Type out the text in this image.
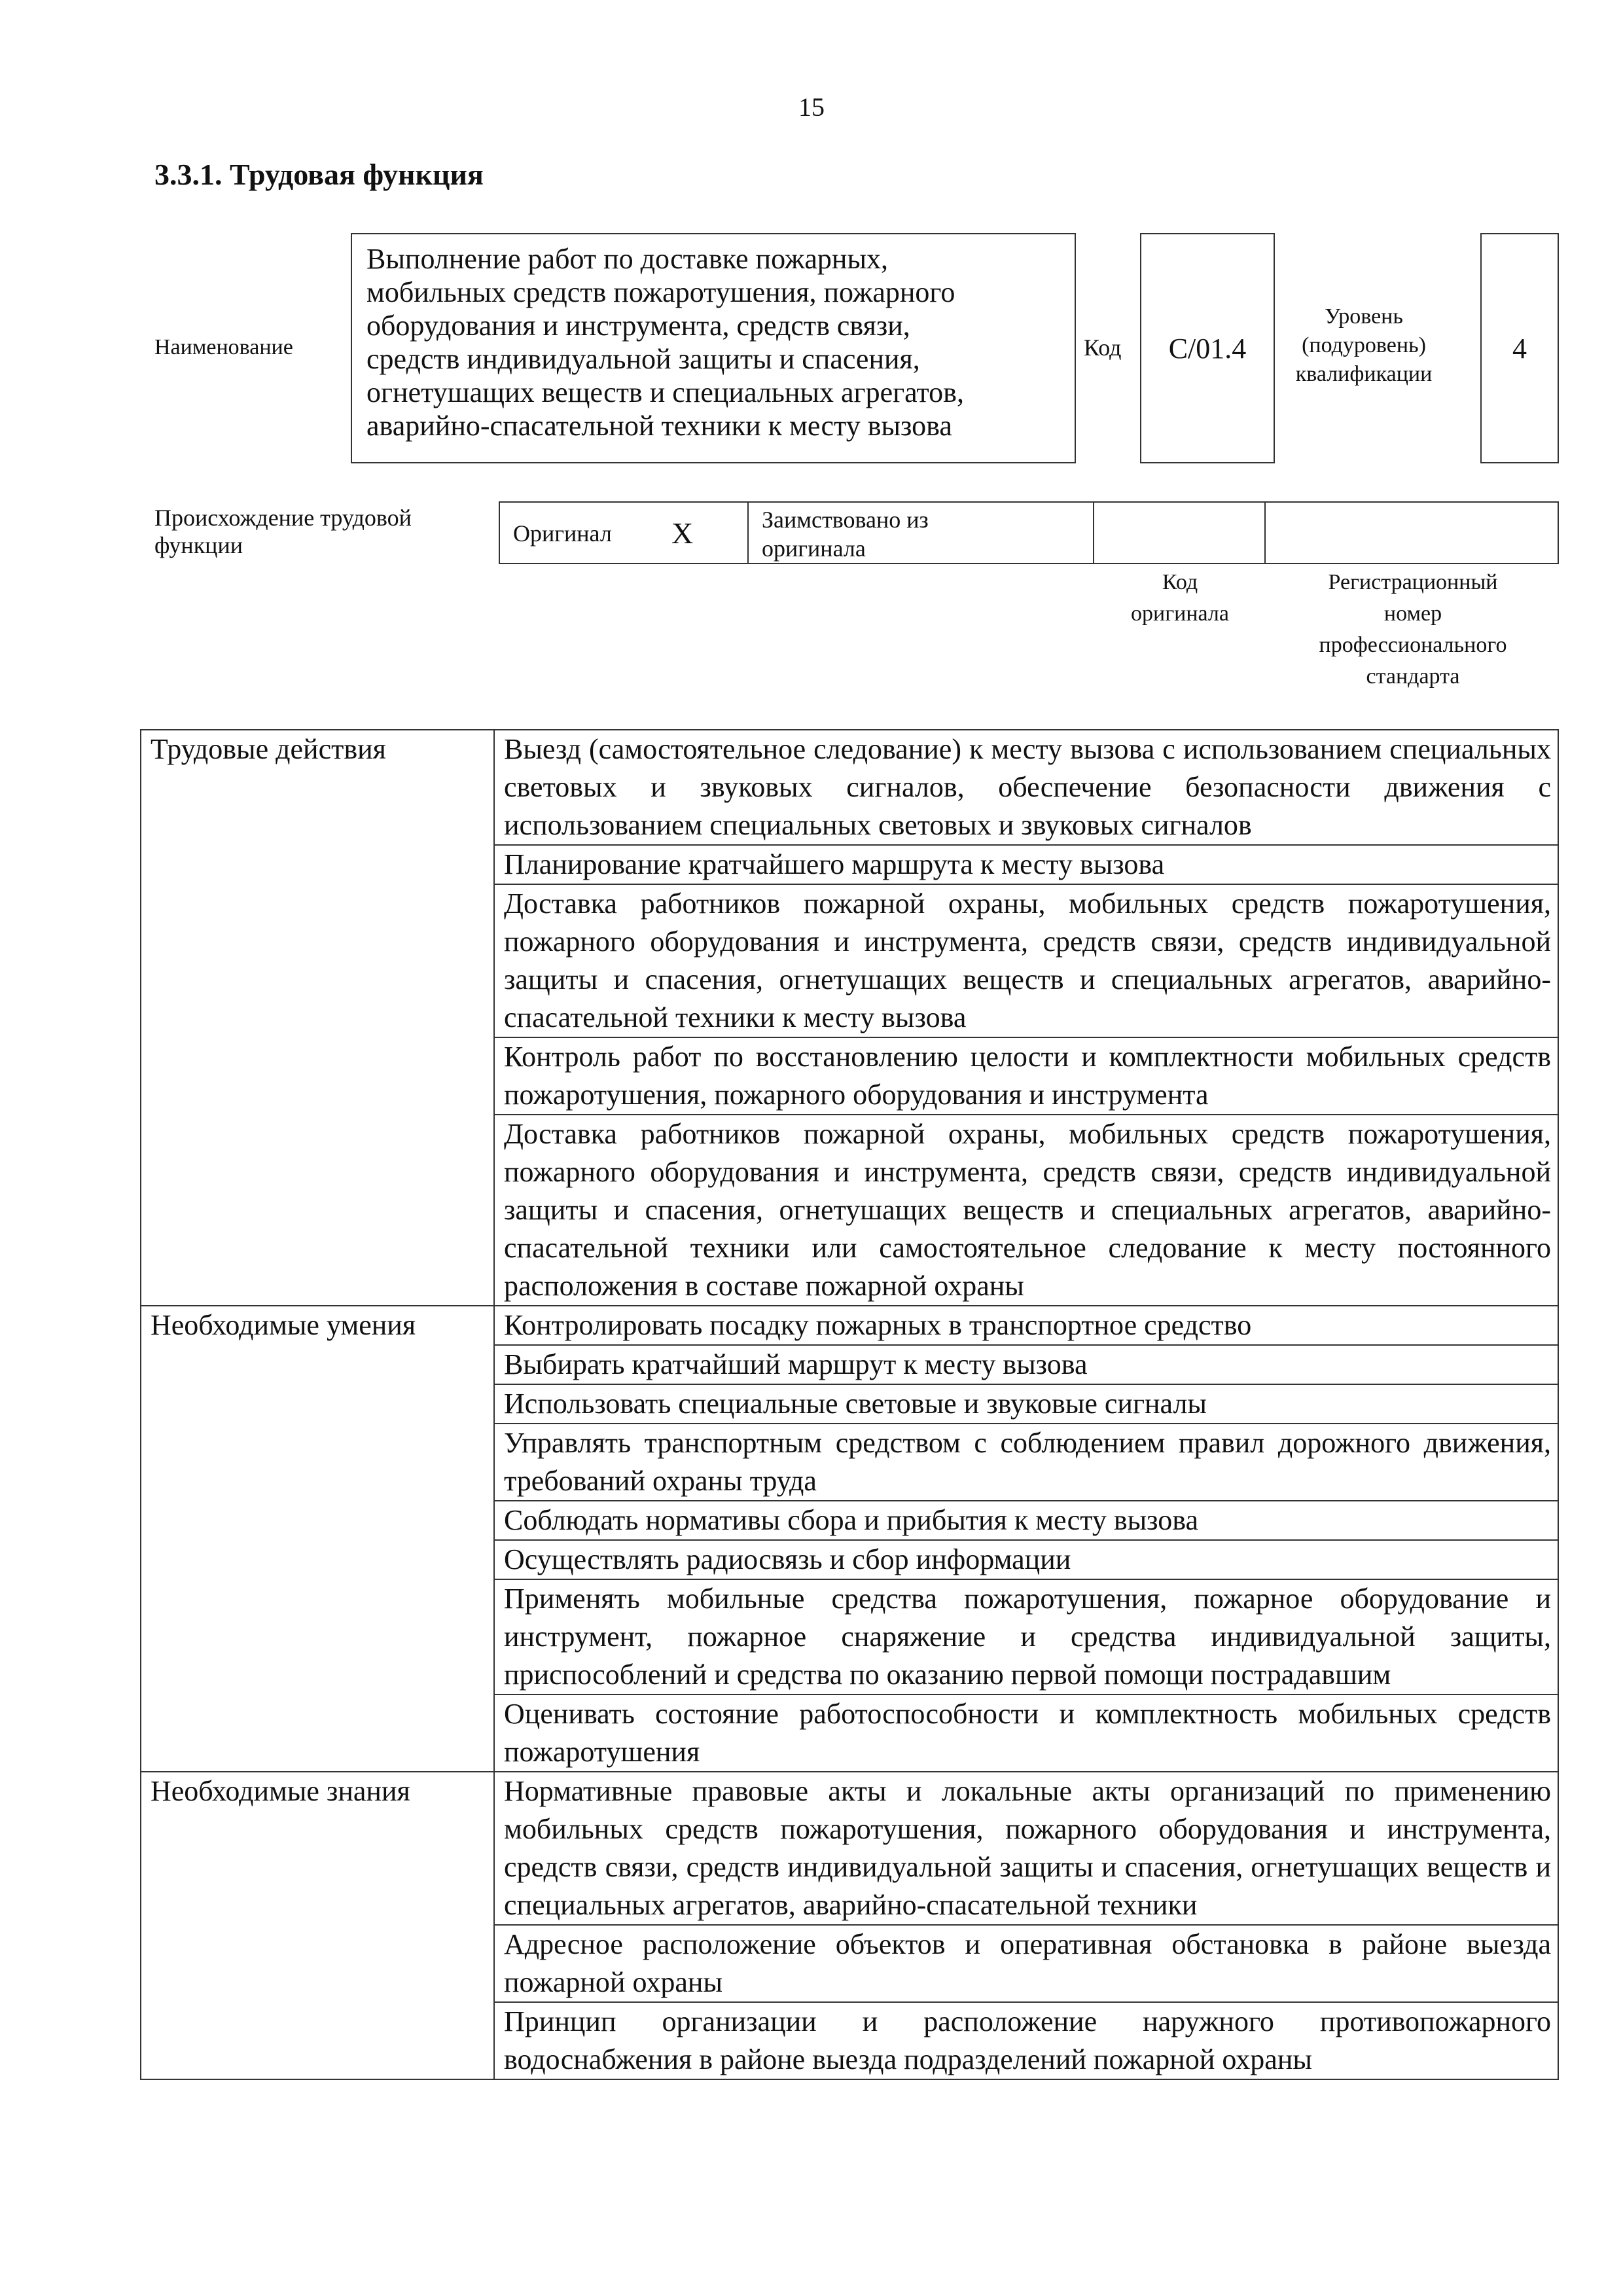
15
3.3.1. Трудовая функция
Наименование
Выполнение работ по доставке пожарных,
мобильных средств пожаротушения, пожарного
оборудования и инструмента, средств связи,
средств индивидуальной защиты и спасения,
огнетушащих веществ и специальных агрегатов,
аварийно-спасательной техники к месту вызова
Код C/01.4
Уровень
(подуровень)
квалификации
4
Происхождение трудовой
функции	Оригинал X	Заимствовано из
оригинала
Код
оригинала
Регистрационный
номер
профессионального
стандарта
Трудовые действия	Выезд (самостоятельное следование) к месту вызова с использованием специальных световых и звуковых сигналов, обеспечение безопасности движения с использованием специальных световых и звуковых сигналов
	Планирование кратчайшего маршрута к месту вызова
	Доставка работников пожарной охраны, мобильных средств пожаротушения, пожарного оборудования и инструмента, средств связи, средств индивидуальной защиты и спасения, огнетушащих веществ и специальных агрегатов, аварийно-спасательной техники к месту вызова
	Контроль работ по восстановлению целости и комплектности мобильных средств пожаротушения, пожарного оборудования и инструмента
	Доставка работников пожарной охраны, мобильных средств пожаротушения, пожарного оборудования и инструмента, средств связи, средств индивидуальной защиты и спасения, огнетушащих веществ и специальных агрегатов, аварийно-спасательной техники или самостоятельное следование к месту постоянного расположения в составе пожарной охраны
Необходимые умения	Контролировать посадку пожарных в транспортное средство
	Выбирать кратчайший маршрут к месту вызова
	Использовать специальные световые и звуковые сигналы
	Управлять транспортным средством с соблюдением правил дорожного движения, требований охраны труда
	Соблюдать нормативы сбора и прибытия к месту вызова
	Осуществлять радиосвязь и сбор информации
	Применять мобильные средства пожаротушения, пожарное оборудование и инструмент, пожарное снаряжение и средства индивидуальной защиты, приспособлений и средства по оказанию первой помощи пострадавшим
	Оценивать состояние работоспособности и комплектность мобильных средств пожаротушения
Необходимые знания	Нормативные правовые акты и локальные акты организаций по применению мобильных средств пожаротушения, пожарного оборудования и инструмента, средств связи, средств индивидуальной защиты и спасения, огнетушащих веществ и специальных агрегатов, аварийно-спасательной техники
	Адресное расположение объектов и оперативная обстановка в районе выезда пожарной охраны
	Принцип организации и расположение наружного противопожарного водоснабжения в районе выезда подразделений пожарной охраны
